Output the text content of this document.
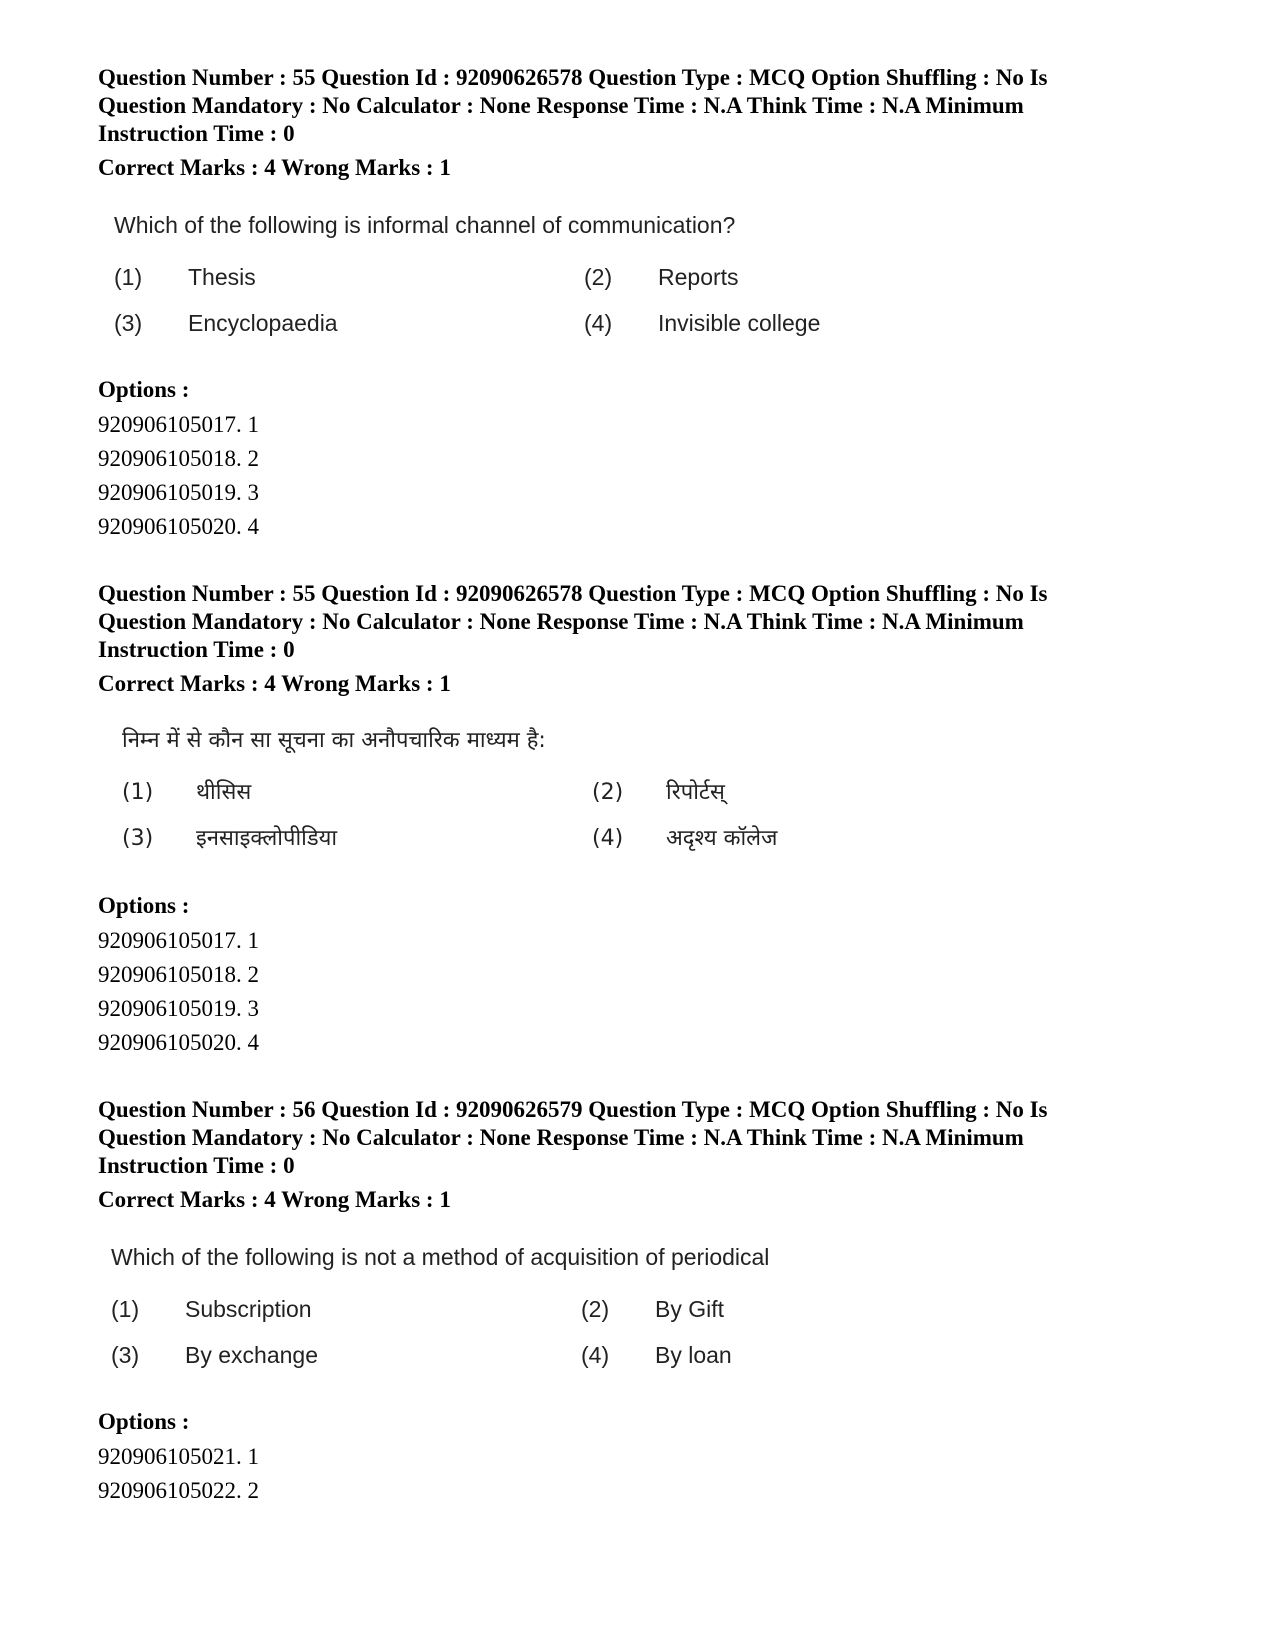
Question Number : 55 Question Id : 92090626578 Question Type : MCQ Option Shuffling : No Is

Question Mandatory : No Calculator : None Response Time : N.A Think Time : N.A Minimum

Instruction Time : 0

Correct Marks : 4 Wrong Marks : 1

Which of the following is informal channel of communication?
(1)	Thesis	(2)	Reports
(3)	Encyclopaedia	(4)	Invisible college

Options :

920906105017. 1

920906105018. 2

920906105019. 3

920906105020. 4

Question Number : 55 Question Id : 92090626578 Question Type : MCQ Option Shuffling : No Is

Question Mandatory : No Calculator : None Response Time : N.A Think Time : N.A Minimum

Instruction Time : 0

Correct Marks : 4 Wrong Marks : 1

निम्न में से कौन सा सूचना का अनौपचारिक माध्यम है:
(1)	थीसिस	(2)	रिपोर्टस्
(3)	इनसाइक्लोपीडिया	(4)	अदृश्य कॉलेज

Options :

920906105017. 1

920906105018. 2

920906105019. 3

920906105020. 4

Question Number : 56 Question Id : 92090626579 Question Type : MCQ Option Shuffling : No Is

Question Mandatory : No Calculator : None Response Time : N.A Think Time : N.A Minimum

Instruction Time : 0

Correct Marks : 4 Wrong Marks : 1

Which of the following is not a method of acquisition of periodical
(1)	Subscription	(2)	By Gift
(3)	By exchange	(4)	By loan

Options :

920906105021. 1

920906105022. 2
